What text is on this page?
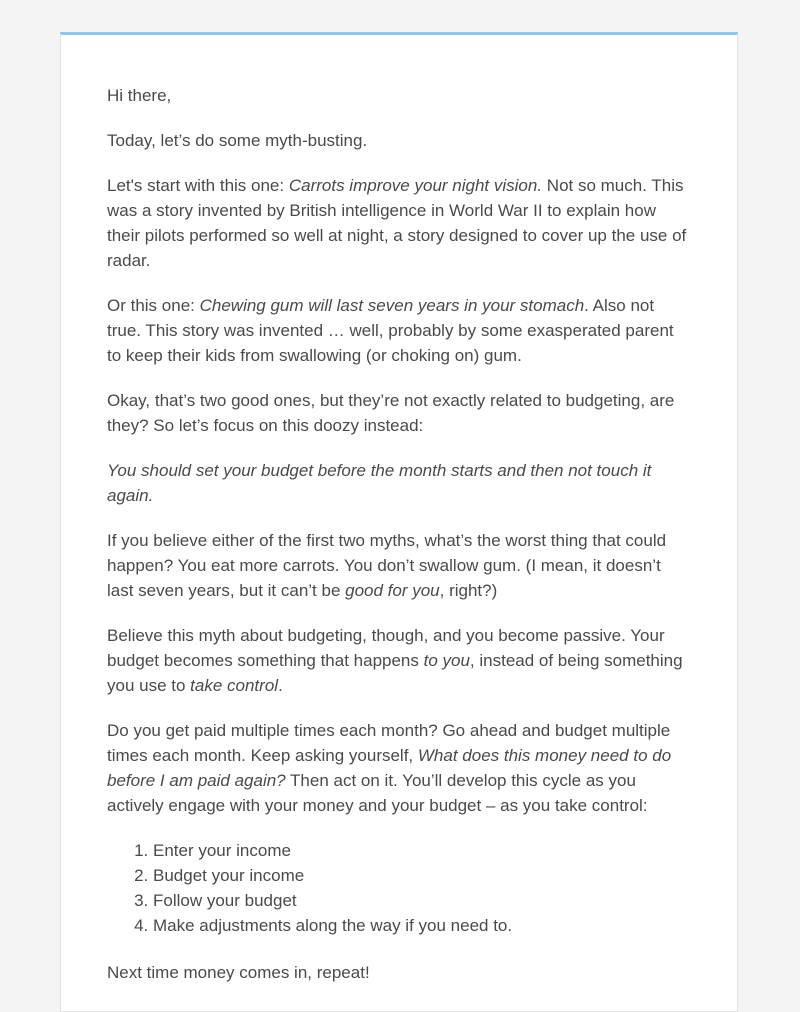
Hi there,

Today, let’s do some myth-busting.

Let's start with this one: Carrots improve your night vision. Not so much. This was a story invented by British intelligence in World War II to explain how their pilots performed so well at night, a story designed to cover up the use of radar.

Or this one: Chewing gum will last seven years in your stomach. Also not true. This story was invented … well, probably by some exasperated parent to keep their kids from swallowing (or choking on) gum.

Okay, that’s two good ones, but they’re not exactly related to budgeting, are they? So let’s focus on this doozy instead:

You should set your budget before the month starts and then not touch it again.

If you believe either of the first two myths, what’s the worst thing that could happen? You eat more carrots. You don’t swallow gum. (I mean, it doesn’t last seven years, but it can’t be good for you, right?)

Believe this myth about budgeting, though, and you become passive. Your budget becomes something that happens to you, instead of being something you use to take control.

Do you get paid multiple times each month? Go ahead and budget multiple times each month. Keep asking yourself, What does this money need to do before I am paid again? Then act on it. You’ll develop this cycle as you actively engage with your money and your budget – as you take control:

1. Enter your income
2. Budget your income
3. Follow your budget
4. Make adjustments along the way if you need to.

Next time money comes in, repeat!
